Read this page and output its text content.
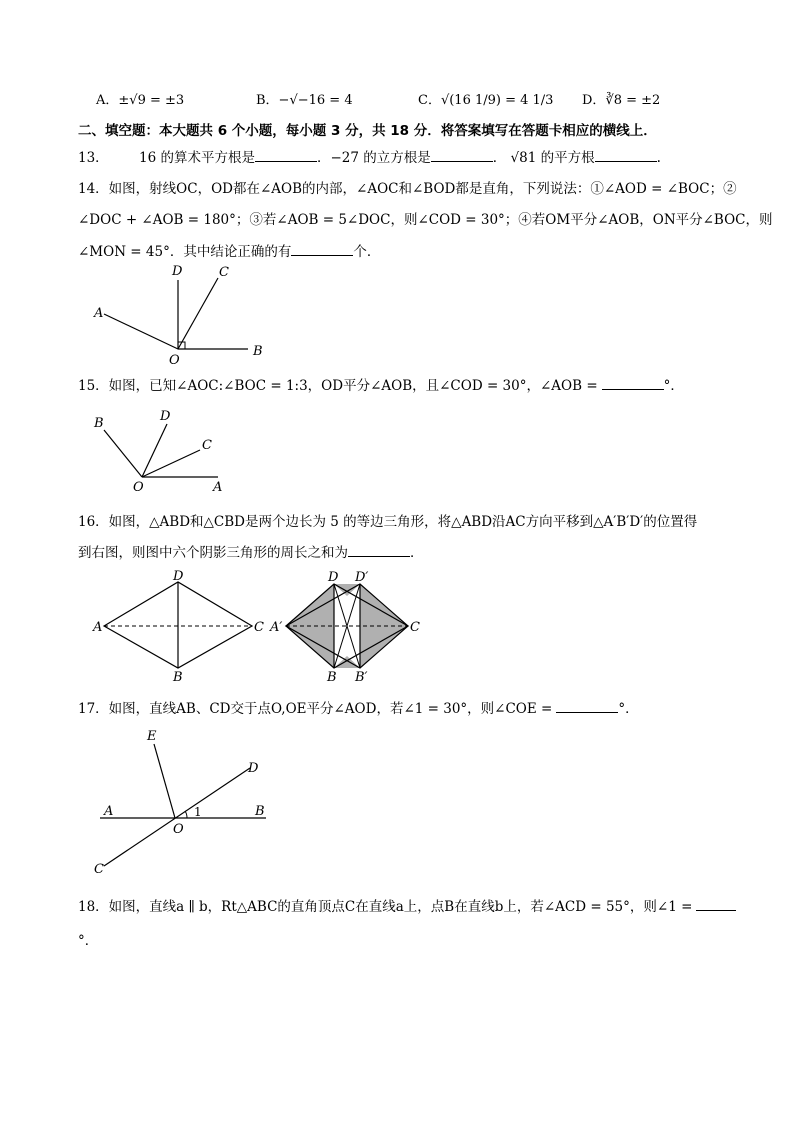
A．±√9 = ±3	B．−√−16 = 4	C．√(16 1/9) = 4 1/3 D．∛8 = ±2
二、填空题：本大题共 6 个小题，每小题 3 分，共 18 分．将答案填写在答题卡相应的横线上．
13． 16 的算术平方根是	．−27 的立方根是	． √81 的平方根	.
14．如图，射线OC，OD都在∠AOB的内部，∠AOC和∠BOD都是直角，下列说法：①∠AOD = ∠BOC；②
∠DOC + ∠AOB = 180°；③若∠AOB = 5∠DOC，则∠COD = 30°；④若OM平分∠AOB，ON平分∠BOC，则
∠MON = 45°．其中结论正确的有	个．
D	C
A
O
B
15．如图，已知∠AOC:∠BOC = 1:3，OD平分∠AOB，且∠COD = 30°，∠AOB =	°．
B	D
C
O	A
16．如图，△ABD和△CBD是两个边长为 5 的等边三角形，将△ABD沿AC方向平移到△A′B′D′的位置得
到右图，则图中六个阴影三角形的周长之和为	．
D
A	C
B
D D′
A′	C
B B′
17．如图，直线AB、CD交于点O,OE平分∠AOD，若∠1 = 30°，则∠COE =	°．
E
D
A	B
O
1
C
18．如图，直线a ∥ b，Rt△ABC的直角顶点C在直线a上，点B在直线b上，若∠ACD = 55°，则∠1 =
°．
